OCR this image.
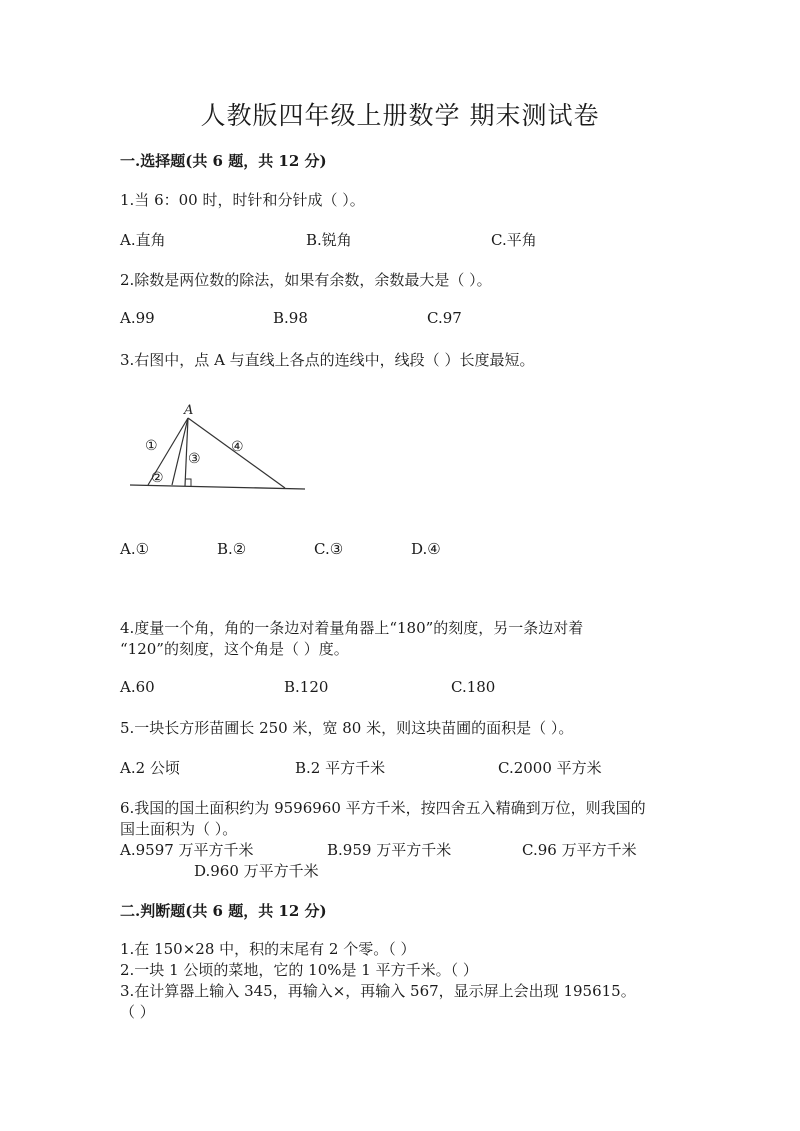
人教版四年级上册数学 期末测试卷
一.选择题(共 6 题，共 12 分)
1.当 6：00 时，时针和分针成（ ）。
A.直角	B.锐角	C.平角
2.除数是两位数的除法，如果有余数，余数最大是（ ）。
A.99	B.98	C.97
3.右图中，点 A 与直线上各点的连线中，线段（ ）长度最短。
A
①
②
③
④
A.①	B.②	C.③	D.④
4.度量一个角，角的一条边对着量角器上“180”的刻度，另一条边对着
“120”的刻度，这个角是（ ）度。
A.60	B.120	C.180
5.一块长方形苗圃长 250 米，宽 80 米，则这块苗圃的面积是（ ）。
A.2 公顷	B.2 平方千米	C.2000 平方米
6.我国的国土面积约为 9596960 平方千米，按四舍五入精确到万位，则我国的
国土面积为（ ）。
A.9597 万平方千米	B.959 万平方千米	C.96 万平方千米
D.960 万平方千米
二.判断题(共 6 题，共 12 分)
1.在 150×28 中，积的末尾有 2 个零。（ ）
2.一块 1 公顷的菜地，它的 10%是 1 平方千米。（ ）
3.在计算器上输入 345，再输入×，再输入 567，显示屏上会出现 195615。
（ ）
